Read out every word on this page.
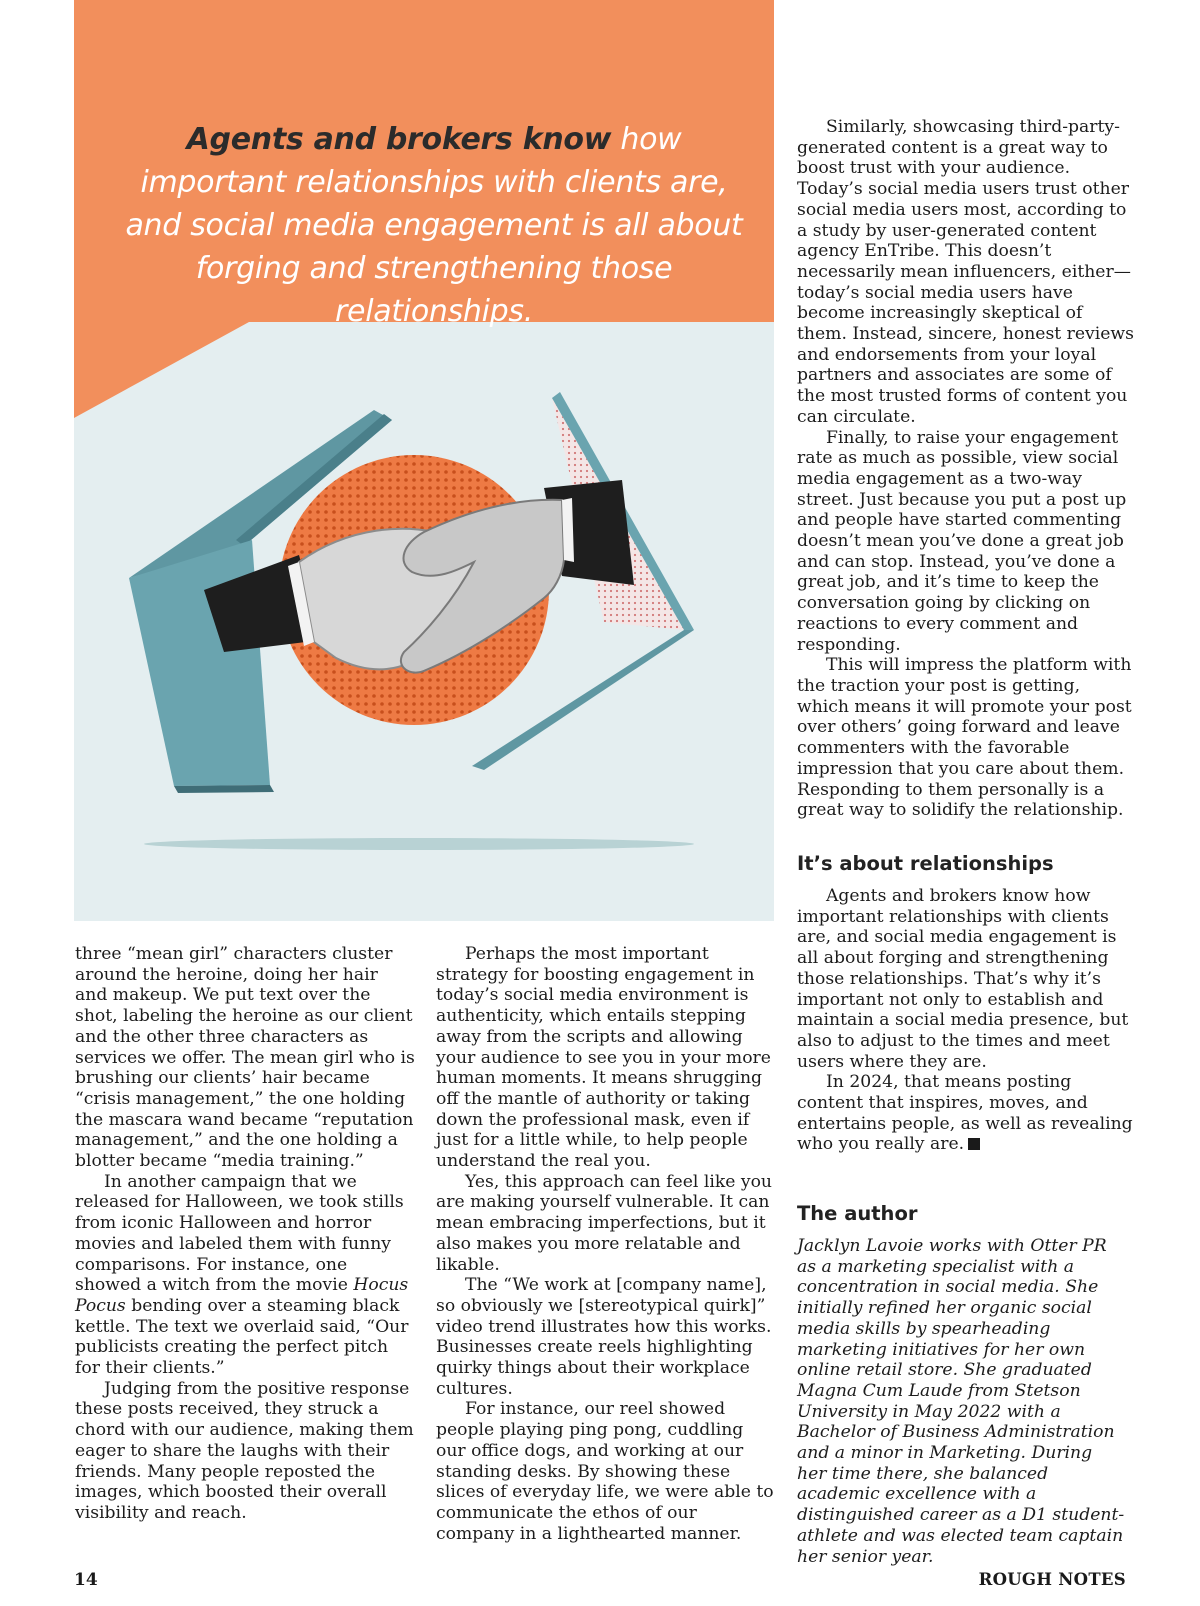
Agents and brokers know how important relationships with clients are, and social media engagement is all about forging and strengthening those relationships.

three “mean girl” characters cluster around the heroine, doing her hair and makeup. We put text over the shot, labeling the heroine as our client and the other three characters as services we offer. The mean girl who is brushing our clients’ hair became “crisis management,” the one holding the mascara wand became “reputation management,” and the one holding a blotter became “media training.”

In another campaign that we released for Halloween, we took stills from iconic Halloween and horror movies and labeled them with funny comparisons. For instance, one showed a witch from the movie Hocus Pocus bending over a steaming black kettle. The text we overlaid said, “Our publicists creating the perfect pitch for their clients.”

Judging from the positive response these posts received, they struck a chord with our audience, making them eager to share the laughs with their friends. Many people reposted the images, which boosted their overall visibility and reach.

Perhaps the most important strategy for boosting engagement in today’s social media environment is authenticity, which entails stepping away from the scripts and allowing your audience to see you in your more human moments. It means shrugging off the mantle of authority or taking down the professional mask, even if just for a little while, to help people understand the real you.

Yes, this approach can feel like you are making yourself vulnerable. It can mean embracing imperfections, but it also makes you more relatable and likable.

The “We work at [company name], so obviously we [stereotypical quirk]” video trend illustrates how this works. Businesses create reels highlighting quirky things about their workplace cultures.

For instance, our reel showed people playing ping pong, cuddling our office dogs, and working at our standing desks. By showing these slices of everyday life, we were able to communicate the ethos of our company in a lighthearted manner.

Similarly, showcasing third-party-generated content is a great way to boost trust with your audience. Today’s social media users trust other social media users most, according to a study by user-generated content agency EnTribe. This doesn’t necessarily mean influencers, either—today’s social media users have become increasingly skeptical of them. Instead, sincere, honest reviews and endorsements from your loyal partners and associates are some of the most trusted forms of content you can circulate.

Finally, to raise your engagement rate as much as possible, view social media engagement as a two-way street. Just because you put a post up and people have started commenting doesn’t mean you’ve done a great job and can stop. Instead, you’ve done a great job, and it’s time to keep the conversation going by clicking on reactions to every comment and responding.

This will impress the platform with the traction your post is getting, which means it will promote your post over others’ going forward and leave commenters with the favorable impression that you care about them. Responding to them personally is a great way to solidify the relationship.

It’s about relationships

Agents and brokers know how important relationships with clients are, and social media engagement is all about forging and strengthening those relationships. That’s why it’s important not only to establish and maintain a social media presence, but also to adjust to the times and meet users where they are.

In 2024, that means posting content that inspires, moves, and entertains people, as well as revealing who you really are.

The author

Jacklyn Lavoie works with Otter PR as a marketing specialist with a concentration in social media. She initially refined her organic social media skills by spearheading marketing initiatives for her own online retail store. She graduated Magna Cum Laude from Stetson University in May 2022 with a Bachelor of Business Administration and a minor in Marketing. During her time there, she balanced academic excellence with a distinguished career as a D1 student-athlete and was elected team captain her senior year.

14	ROUGH NOTES
